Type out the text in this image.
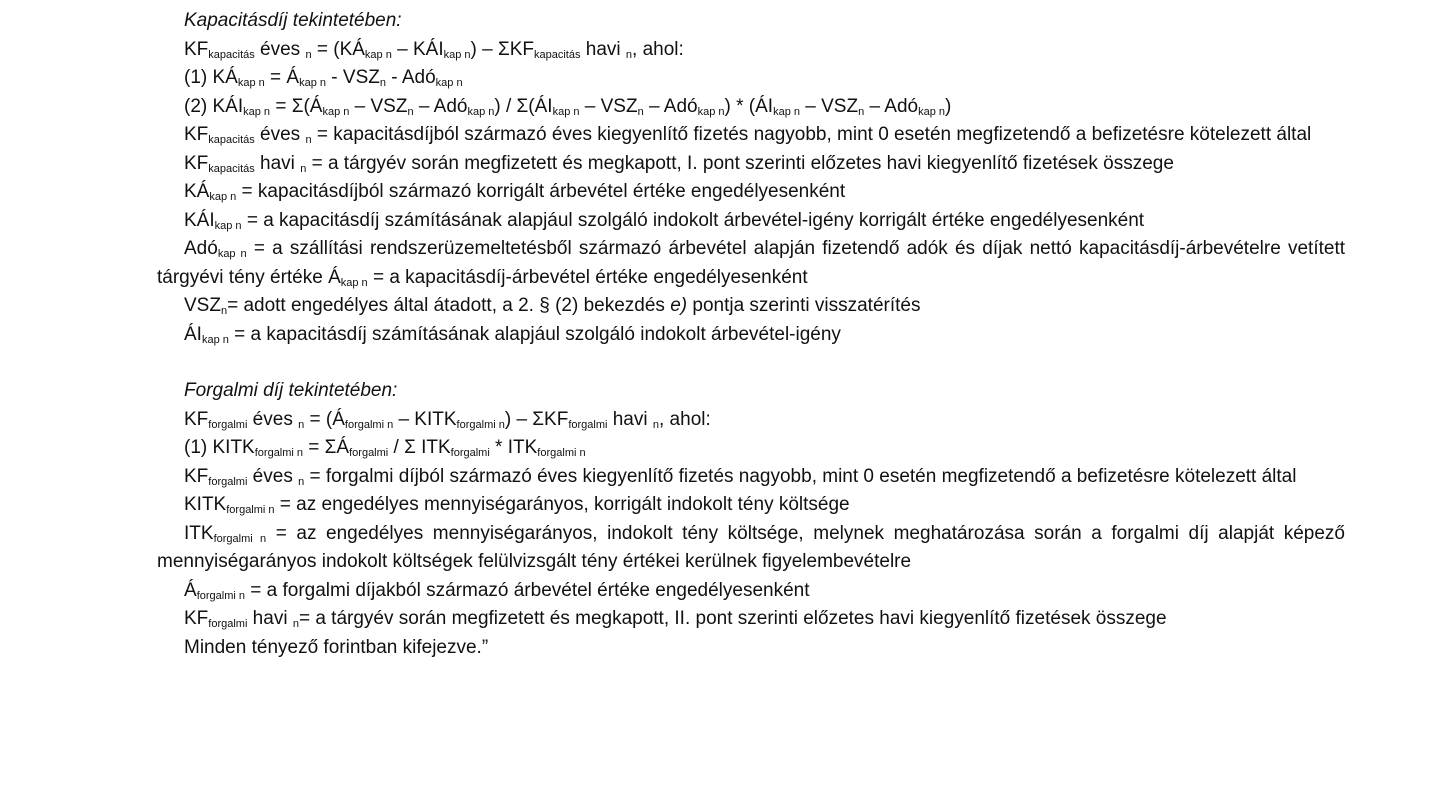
Kapacitásdíj tekintetében:
$KF_{kapacitás}$ éves $_n = (KÁ_{kap n}$ – $KÁI_{kap n}) - \Sigma KF_{kapacitás}$ havi $_n$, ahol:
(1) $KÁ_{kap n}$ = $Á_{kap n} - VSZ_n$ - Adó$_{kap n}$
(2) $KÁI_{kap n}$ = $\Sigma(Á_{kap n} - VSZ_n$ – Adó$_{kap n}$) / $\Sigma(ÁI_{kap n} - VSZ_n$ – Adó$_{kap n}$) * ($ÁI_{kap n} - VSZ_n$ – Adó$_{kap n}$)
$KF_{kapacitás}$ éves $_n$ = kapacitásdíjból származó éves kiegyenlítő fizetés nagyobb, mint 0 esetén megfizetendő a befizetésre kötelezett által
$KF_{kapacitás}$ havi $_n$ = a tárgyév során megfizetett és megkapott, I. pont szerinti előzetes havi kiegyenlítő fizetések összege
$KÁ_{kap n}$ = kapacitásdíjból származó korrigált árbevétel értéke engedélyesenként
$KÁI_{kap n} = a$ kapacitásdíj számításának alapjául szolgáló indokolt árbevétel-igény korrigált értéke engedélyesenként
Adó$_{kap n}$ = a szállítási rendszerüzemeltetésből származó árbevétel alapján fizetendő adók és díjak nettó kapacitásdíj-árbevételre vetített tárgyévi tény értéke $Á_{kap n} = a$ kapacitásdíj-árbevétel értéke engedélyesenként
$VSZ_n=$ adott engedélyes által átadott, a 2. § (2) bekezdés e) pontja szerinti visszatérítés
$ÁI_{kap n} = a$ kapacitásdíj számításának alapjául szolgáló indokolt árbevétel-igény
Forgalmi díj tekintetében:
$KF_{forgalmi}$ éves $_n = (Á_{forgalmi n}$ – $KITK_{forgalmi n}) - \Sigma KF_{forgalmi}$ havi $_n$, ahol:
(1) $KITK_{forgalmi n}$ = $\Sigma Á_{forgalmi}$ / Σ $ITK_{forgalmi} * ITK_{forgalmi n}$
$KF_{forgalmi}$ éves $_n$ = forgalmi díjból származó éves kiegyenlítő fizetés nagyobb, mint 0 esetén megfizetendő a befizetésre kötelezett által
$KITK_{forgalmi n}$ = az engedélyes mennyiségarányos, korrigált indokolt tény költsége
$ITK_{forgalmi n}$ = az engedélyes mennyiségarányos, indokolt tény költsége, melynek meghatározása során a forgalmi díj alapját képező mennyiségarányos indokolt költségek felülvizsgált tény értékei kerülnek figyelembevételre
$Á_{forgalmi n} = a$ forgalmi díjakból származó árbevétel értéke engedélyesenként
$KF_{forgalmi}$ havi $_n$= a tárgyév során megfizetett és megkapott, II. pont szerinti előzetes havi kiegyenlítő fizetések összege
Minden tényező forintban kifejezve.”
